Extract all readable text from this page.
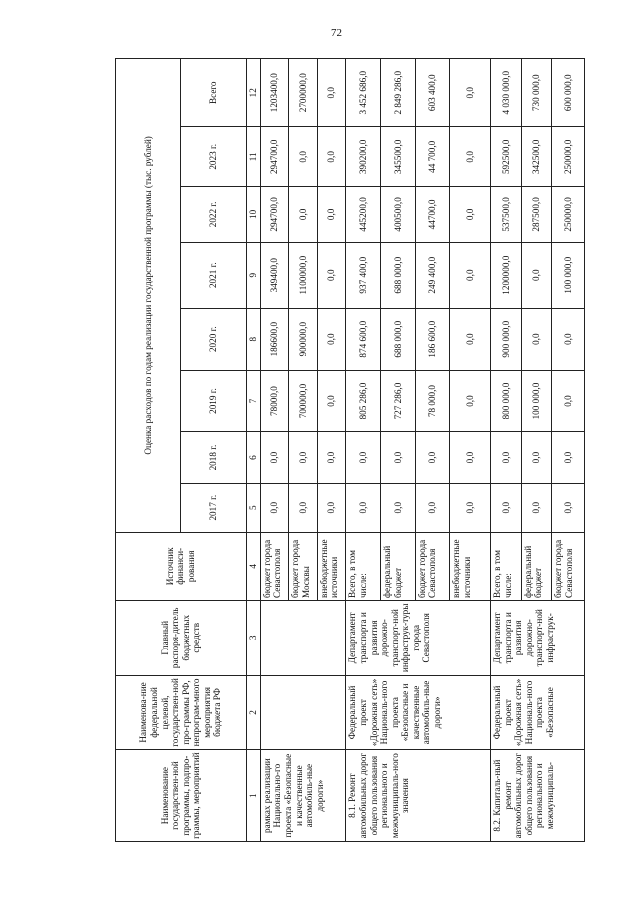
72
Наименование государствен-ной программы, подпро-граммы, мероприятий	Наименова-ние федеральной целевой, государствен-ной про-граммы РФ, непрограм-много мероприятия бюджета РФ	Главный распоря-дитель бюджетных средств	Источник финанси-рования	Оценка расходов по годам реализации государственной программы (тыс. рублей)							
				2017 г.	2018 г.	2019 г.	2020 г.	2021 г.	2022 г.	2023 г.	Всего
1	2	3	4	5	6	7	8	9	10	11	12
рамках реализации Национально-го проекта «Безопасные и качественные автомобиль-ные дороги»			бюджет города Севастополя	0,0	0,0	78000,0	186600,0	349400,0	294700,0	294700,0	1203400,0
			бюджет города Москвы	0,0	0,0	700000,0	900000,0	1100000,0	0,0	0,0	2700000,0
			внебюджетные источники	0,0	0,0	0,0	0,0	0,0	0,0	0,0	0,0
8.1. Ремонт автомобильных дорог общего пользования регионального и межмуниципаль-ного значения	Федеральный проект «Дорожная сеть» Националь-ного проекта «Безопасные и качественные автомобиль-ные дороги»	Департамент транспорта и развития дорожно-транспорт-ной инфраструк-туры города Севастополя	Всего, в том числе:	0,0	0,0	805 286,0	874 600,0	937 400,0	445200,0	390200,0	3 452 686,0
			федеральный бюджет	0,0	0,0	727 286,0	688 000,0	688 000,0	400500,0	345500,0	2 849 286,0
			бюджет города Севастополя	0,0	0,0	78 000,0	186 600,0	249 400,0	44700,0	44 700,0	603 400,0
			внебюджетные источники	0,0	0,0	0,0	0,0	0,0	0,0	0,0	0,0
8.2. Капиталь-ный ремонт автомобильных дорог общего пользования регионального и межмуниципаль-	Федеральный проект «Дорожная сеть» Националь-ного проекта «Безопасные	Департамент транспорта и развития дорожно-транспорт-ной инфраструк-	Всего, в том числе:	0,0	0,0	800 000,0	900 000,0	1200000,0	537500,0	592500,0	4 030 000,0
			федеральный бюджет	0,0	0,0	100 000,0	0,0	0,0	287500,0	342500,0	730 000,0
			бюджет города Севастополя	0,0	0,0	0,0	0,0	100 000,0	250000,0	250000,0	600 000,0
